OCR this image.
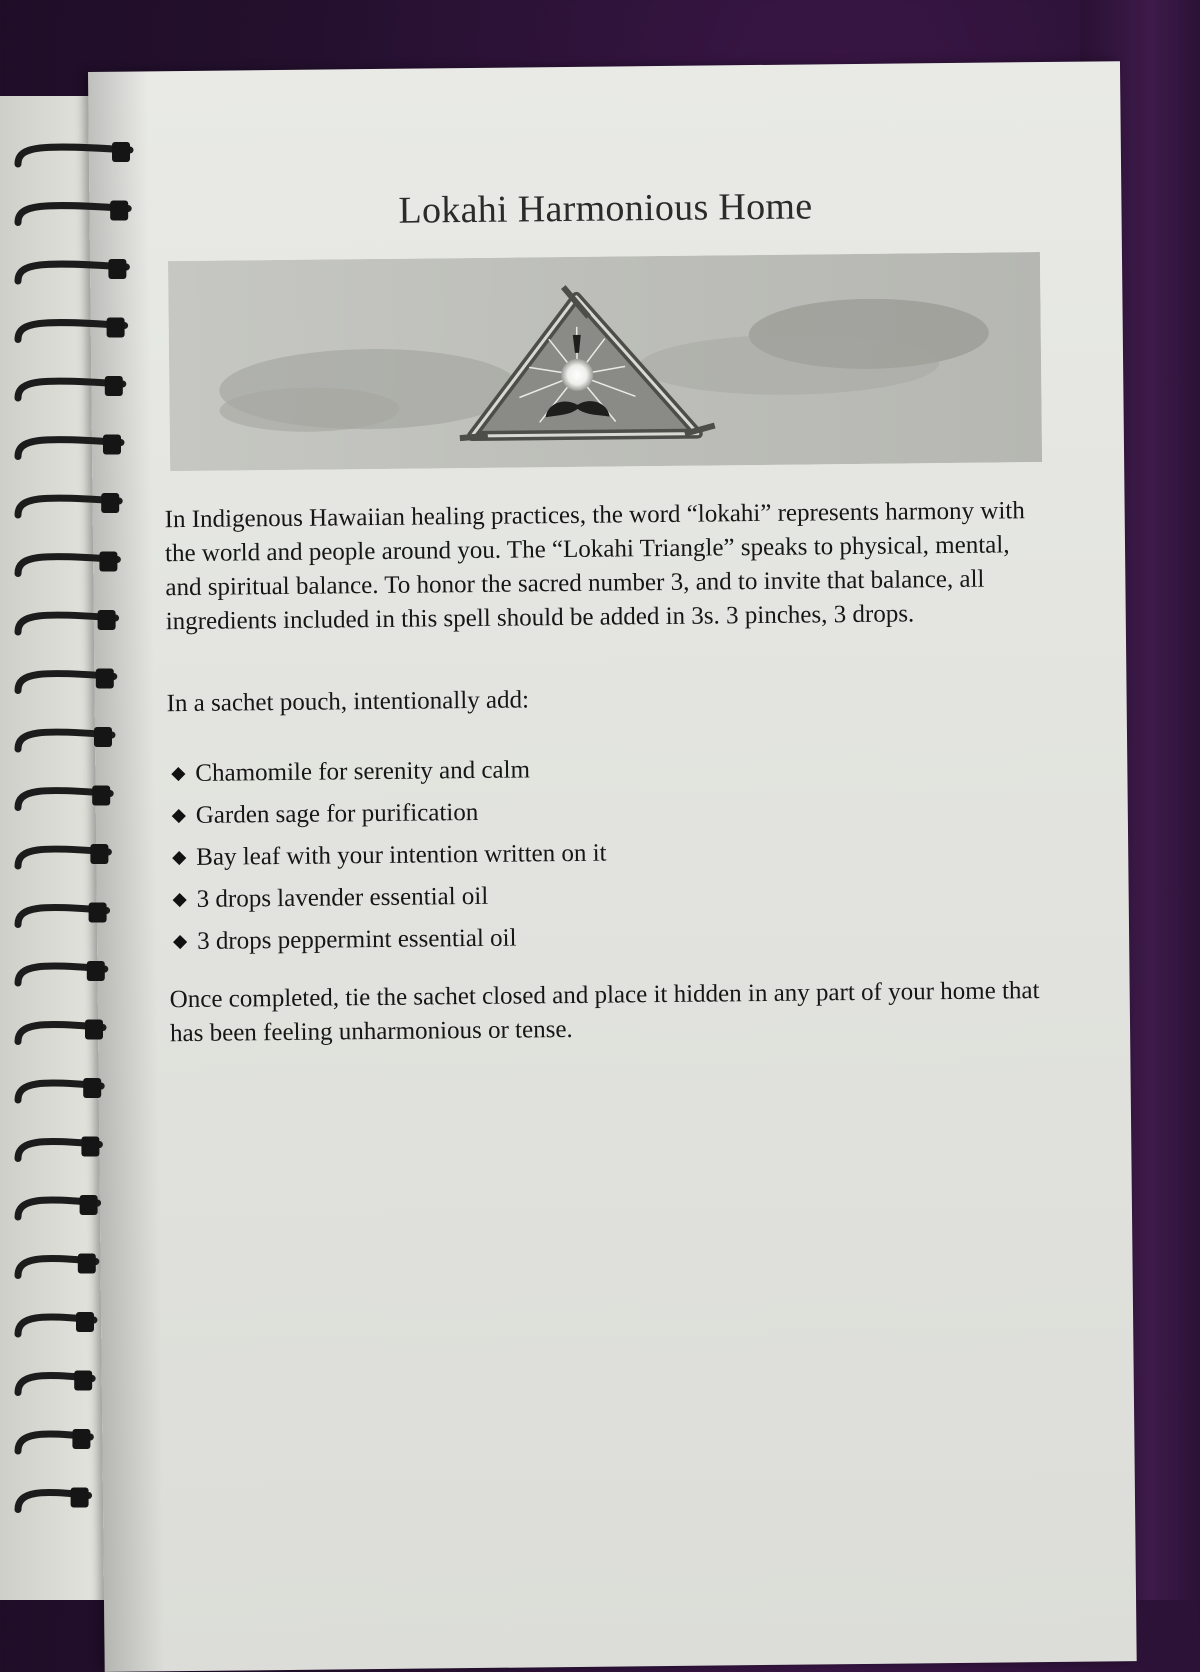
Lokahi Harmonious Home
In Indigenous Hawaiian healing practices, the word “lokahi” represents harmony with the world and people around you. The “Lokahi Triangle” speaks to physical, mental, and spiritual balance. To honor the sacred number 3, and to invite that balance, all ingredients included in this spell should be added in 3s. 3 pinches, 3 drops.
In a sachet pouch, intentionally add:
Chamomile for serenity and calm
Garden sage for purification
Bay leaf with your intention written on it
3 drops lavender essential oil
3 drops peppermint essential oil
Once completed, tie the sachet closed and place it hidden in any part of your home that has been feeling unharmonious or tense.
